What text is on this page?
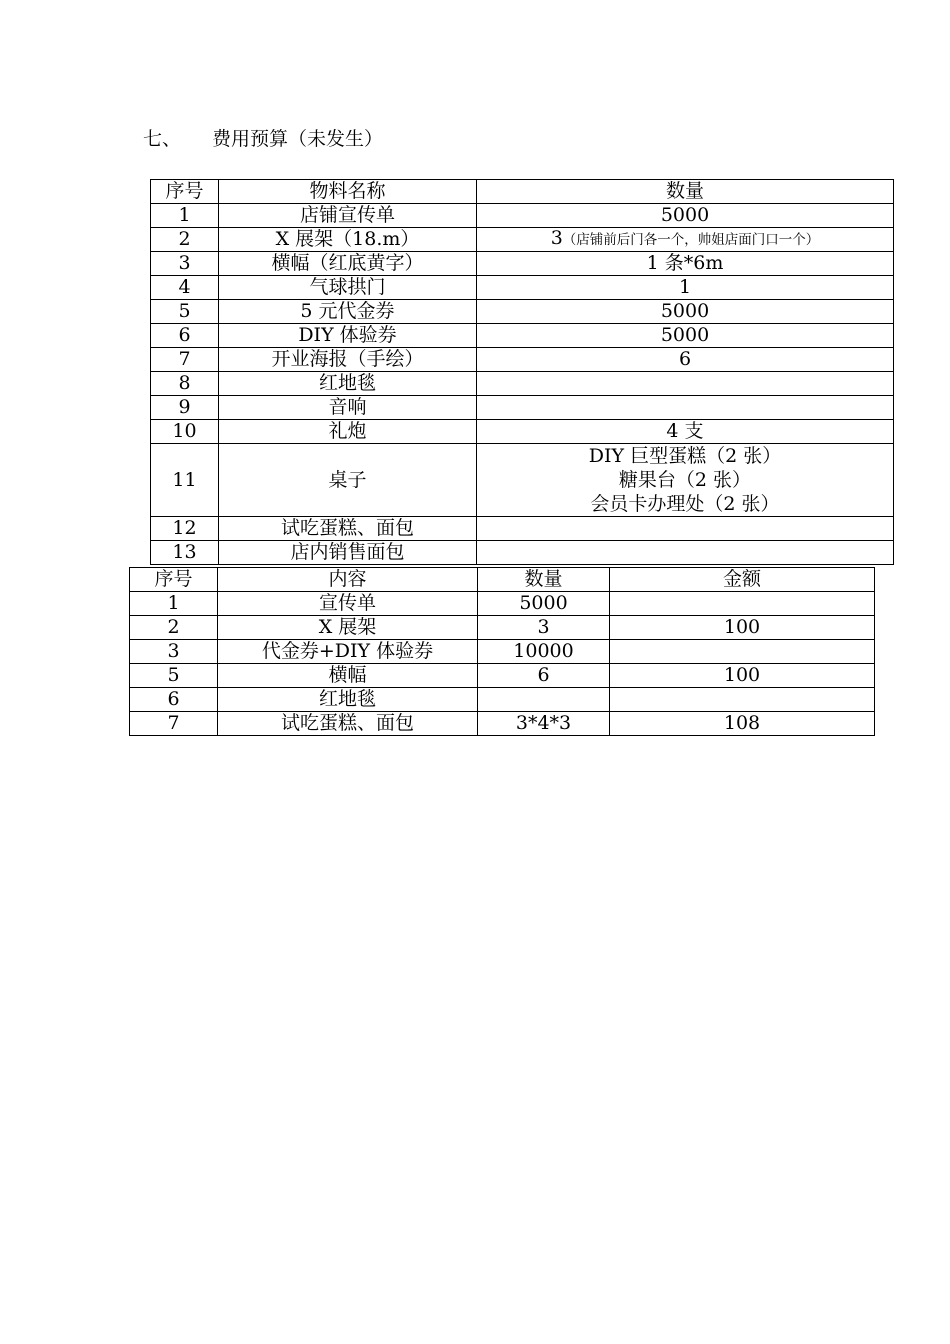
七、 费用预算（未发生）
序号	物料名称	数量
1	店铺宣传单	5000
2	X 展架（18.m）	3（店铺前后门各一个，帅姐店面门口一个）
3	横幅（红底黄字）	1 条*6m
4	气球拱门	1
5	5 元代金券	5000
6	DIY 体验券	5000
7	开业海报（手绘）	6
8	红地毯	
9	音响	
10	礼炮	4 支
11	桌子	DIY 巨型蛋糕（2 张）
糖果台（2 张）
会员卡办理处（2 张）

12	试吃蛋糕、面包	
13	店内销售面包	
序号	内容	数量	金额
1	宣传单	5000	
2	X 展架	3	100
3	代金券+DIY 体验券	10000	
5	横幅	6	100
6	红地毯		
7	试吃蛋糕、面包	3*4*3	108
